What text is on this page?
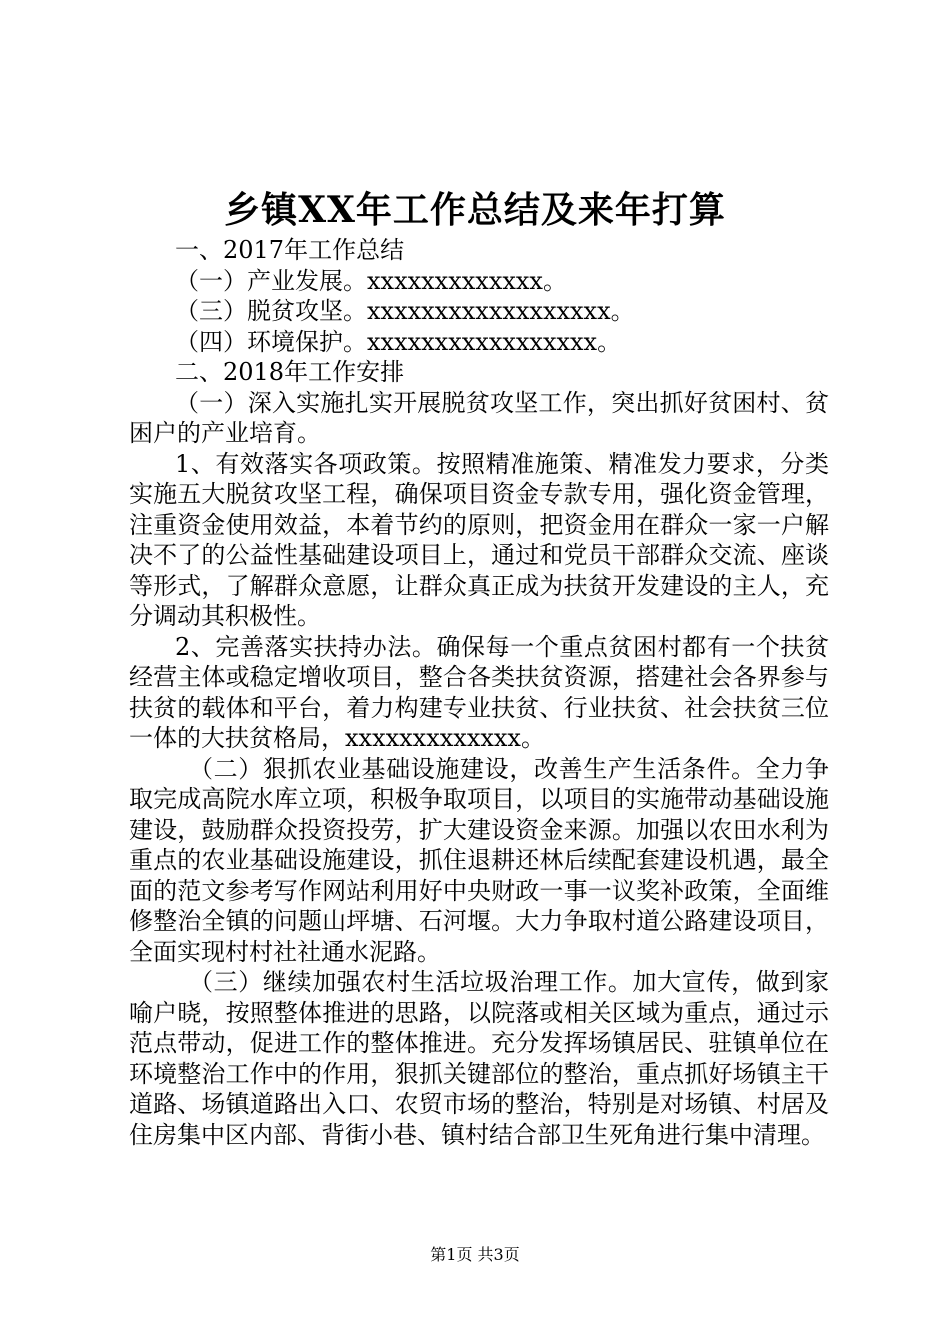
乡镇XX年工作总结及来年打算

一、2017年工作总结

（一）产业发展。xxxxxxxxxxxxx。

（三）脱贫攻坚。xxxxxxxxxxxxxxxxxx。

（四）环境保护。xxxxxxxxxxxxxxxxx。

二、2018年工作安排

（一）深入实施扎实开展脱贫攻坚工作，突出抓好贫困村、贫困户的产业培育。

1、有效落实各项政策。按照精准施策、精准发力要求，分类实施五大脱贫攻坚工程，确保项目资金专款专用，强化资金管理，注重资金使用效益，本着节约的原则，把资金用在群众一家一户解决不了的公益性基础建设项目上，通过和党员干部群众交流、座谈等形式，了解群众意愿，让群众真正成为扶贫开发建设的主人，充分调动其积极性。

2、完善落实扶持办法。确保每一个重点贫困村都有一个扶贫经营主体或稳定增收项目，整合各类扶贫资源，搭建社会各界参与扶贫的载体和平台，着力构建专业扶贫、行业扶贫、社会扶贫三位一体的大扶贫格局，xxxxxxxxxxxxx。

（二）狠抓农业基础设施建设，改善生产生活条件。全力争取完成高院水库立项，积极争取项目，以项目的实施带动基础设施建设，鼓励群众投资投劳，扩大建设资金来源。加强以农田水利为重点的农业基础设施建设，抓住退耕还林后续配套建设机遇，最全面的范文参考写作网站利用好中央财政一事一议奖补政策，全面维修整治全镇的问题山坪塘、石河堰。大力争取村道公路建设项目，全面实现村村社社通水泥路。

（三）继续加强农村生活垃圾治理工作。加大宣传，做到家喻户晓，按照整体推进的思路，以院落或相关区域为重点，通过示范点带动，促进工作的整体推进。充分发挥场镇居民、驻镇单位在环境整治工作中的作用，狠抓关键部位的整治，重点抓好场镇主干道路、场镇道路出入口、农贸市场的整治，特别是对场镇、村居及住房集中区内部、背街小巷、镇村结合部卫生死角进行集中清理。

第1页 共3页
